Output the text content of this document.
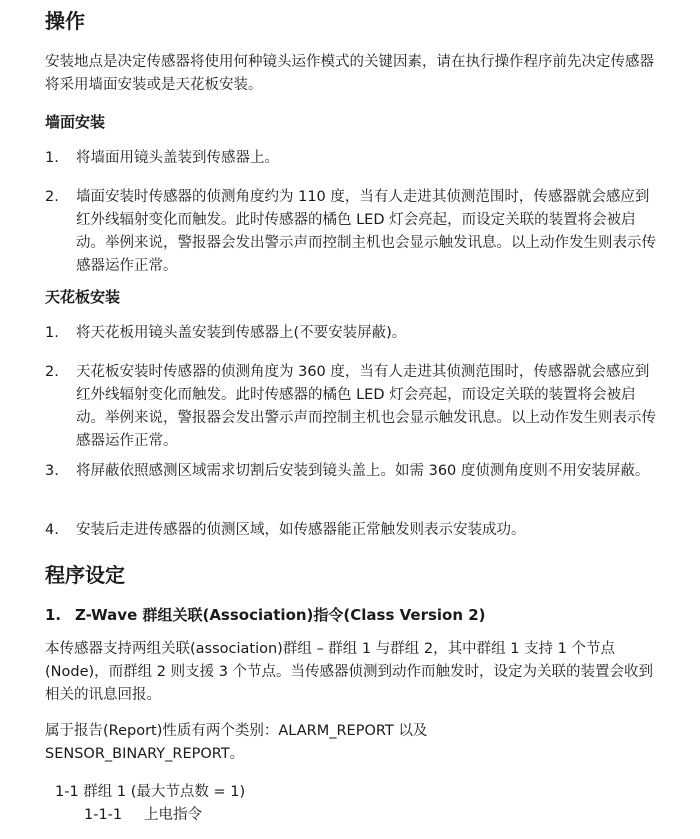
操作

安装地点是决定传感器将使用何种镜头运作模式的关键因素，请在执行操作程序前先决定传感器将采用墙面安装或是天花板安装。

墙面安装
1.	将墙面用镜头盖装到传感器上。
2.	墙面安装时传感器的侦测角度约为 110 度，当有人走进其侦测范围时，传感器就会感应到红外线辐射变化而触发。此时传感器的橘色 LED 灯会亮起，而设定关联的装置将会被启动。举例来说，警报器会发出警示声而控制主机也会显示触发讯息。以上动作发生则表示传感器运作正常。
天花板安装
1.	将天花板用镜头盖安装到传感器上(不要安装屏蔽)。
2.	天花板安装时传感器的侦测角度为 360 度，当有人走进其侦测范围时，传感器就会感应到红外线辐射变化而触发。此时传感器的橘色 LED 灯会亮起，而设定关联的装置将会被启动。举例来说，警报器会发出警示声而控制主机也会显示触发讯息。以上动作发生则表示传感器运作正常。
3.	将屏蔽依照感测区域需求切割后安装到镜头盖上。如需 360 度侦测角度则不用安装屏蔽。
4.	安装后走进传感器的侦测区域，如传感器能正常触发则表示安装成功。
程序设定
1. Z-Wave 群组关联(Association)指令(Class Version 2)

本传感器支持两组关联(association)群组 – 群组 1 与群组 2，其中群组 1 支持 1 个节点(Node)，而群组 2 则支援 3 个节点。当传感器侦测到动作而触发时，设定为关联的装置会收到相关的讯息回报。

属于报告(Report)性质有两个类别：ALARM_REPORT 以及

SENSOR_BINARY_REPORT。

1-1 群组 1 (最大节点数 = 1)
1-1-1	上电指令
